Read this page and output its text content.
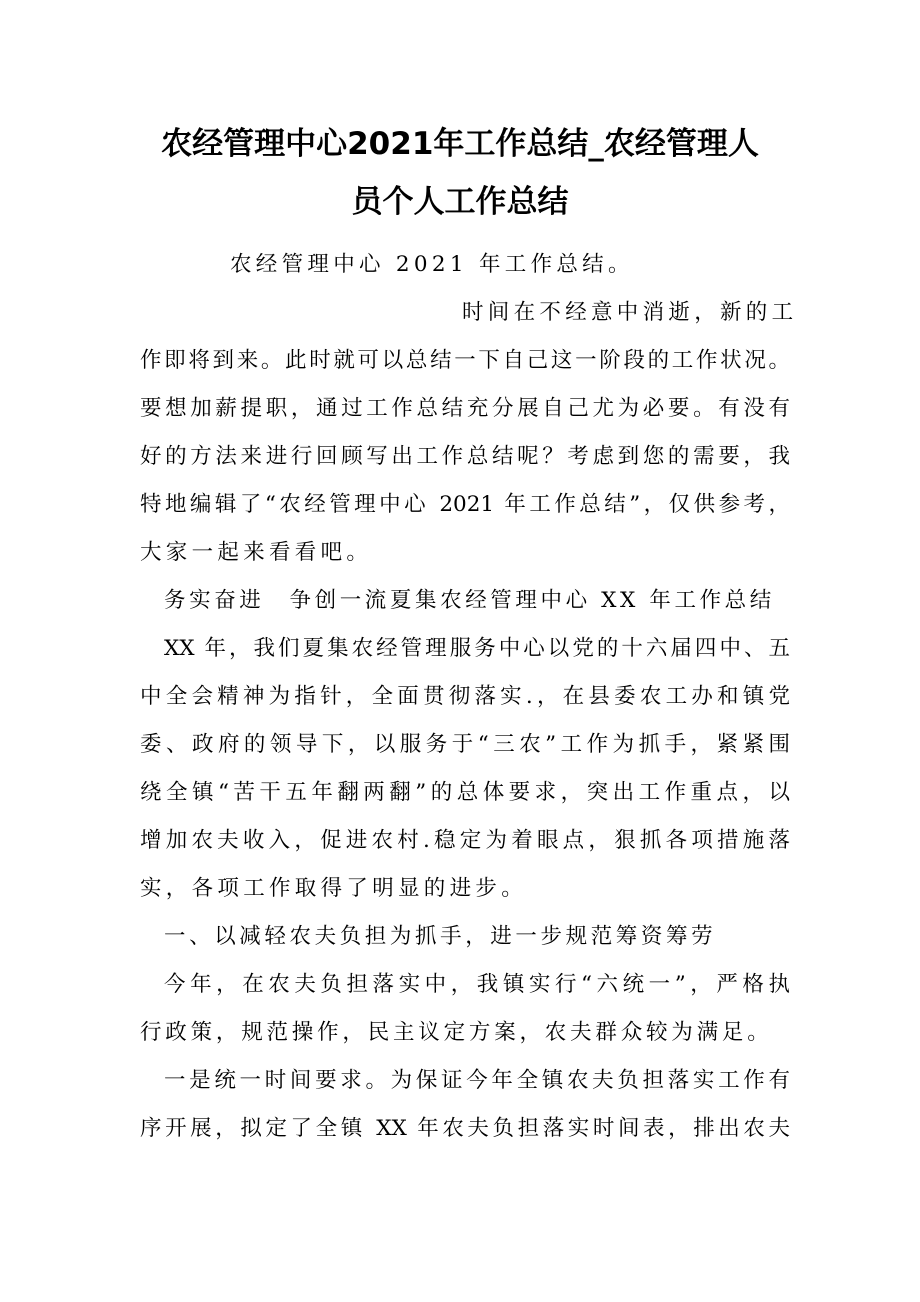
农经管理中心2021年工作总结_农经管理人
员个人工作总结

农经管理中心 2021 年工作总结。

时间在不经意中消逝，新的工

作即将到来。此时就可以总结一下自己这一阶段的工作状况。

要想加薪提职，通过工作总结充分展自己尤为必要。有没有

好的方法来进行回顾写出工作总结呢？考虑到您的需要，我

特地编辑了“农经管理中心 2021 年工作总结”，仅供参考，

大家一起来看看吧。

务实奋进　争创一流夏集农经管理中心 XX 年工作总结

XX 年，我们夏集农经管理服务中心以党的十六届四中、五

中全会精神为指针，全面贯彻落实.，在县委农工办和镇党

委、政府的领导下，以服务于“三农”工作为抓手，紧紧围

绕全镇“苦干五年翻两翻”的总体要求，突出工作重点，以

增加农夫收入，促进农村.稳定为着眼点，狠抓各项措施落

实，各项工作取得了明显的进步。

一、以减轻农夫负担为抓手，进一步规范筹资筹劳

今年，在农夫负担落实中，我镇实行“六统一”，严格执

行政策，规范操作，民主议定方案，农夫群众较为满足。

一是统一时间要求。为保证今年全镇农夫负担落实工作有

序开展，拟定了全镇 XX 年农夫负担落实时间表，排出农夫
